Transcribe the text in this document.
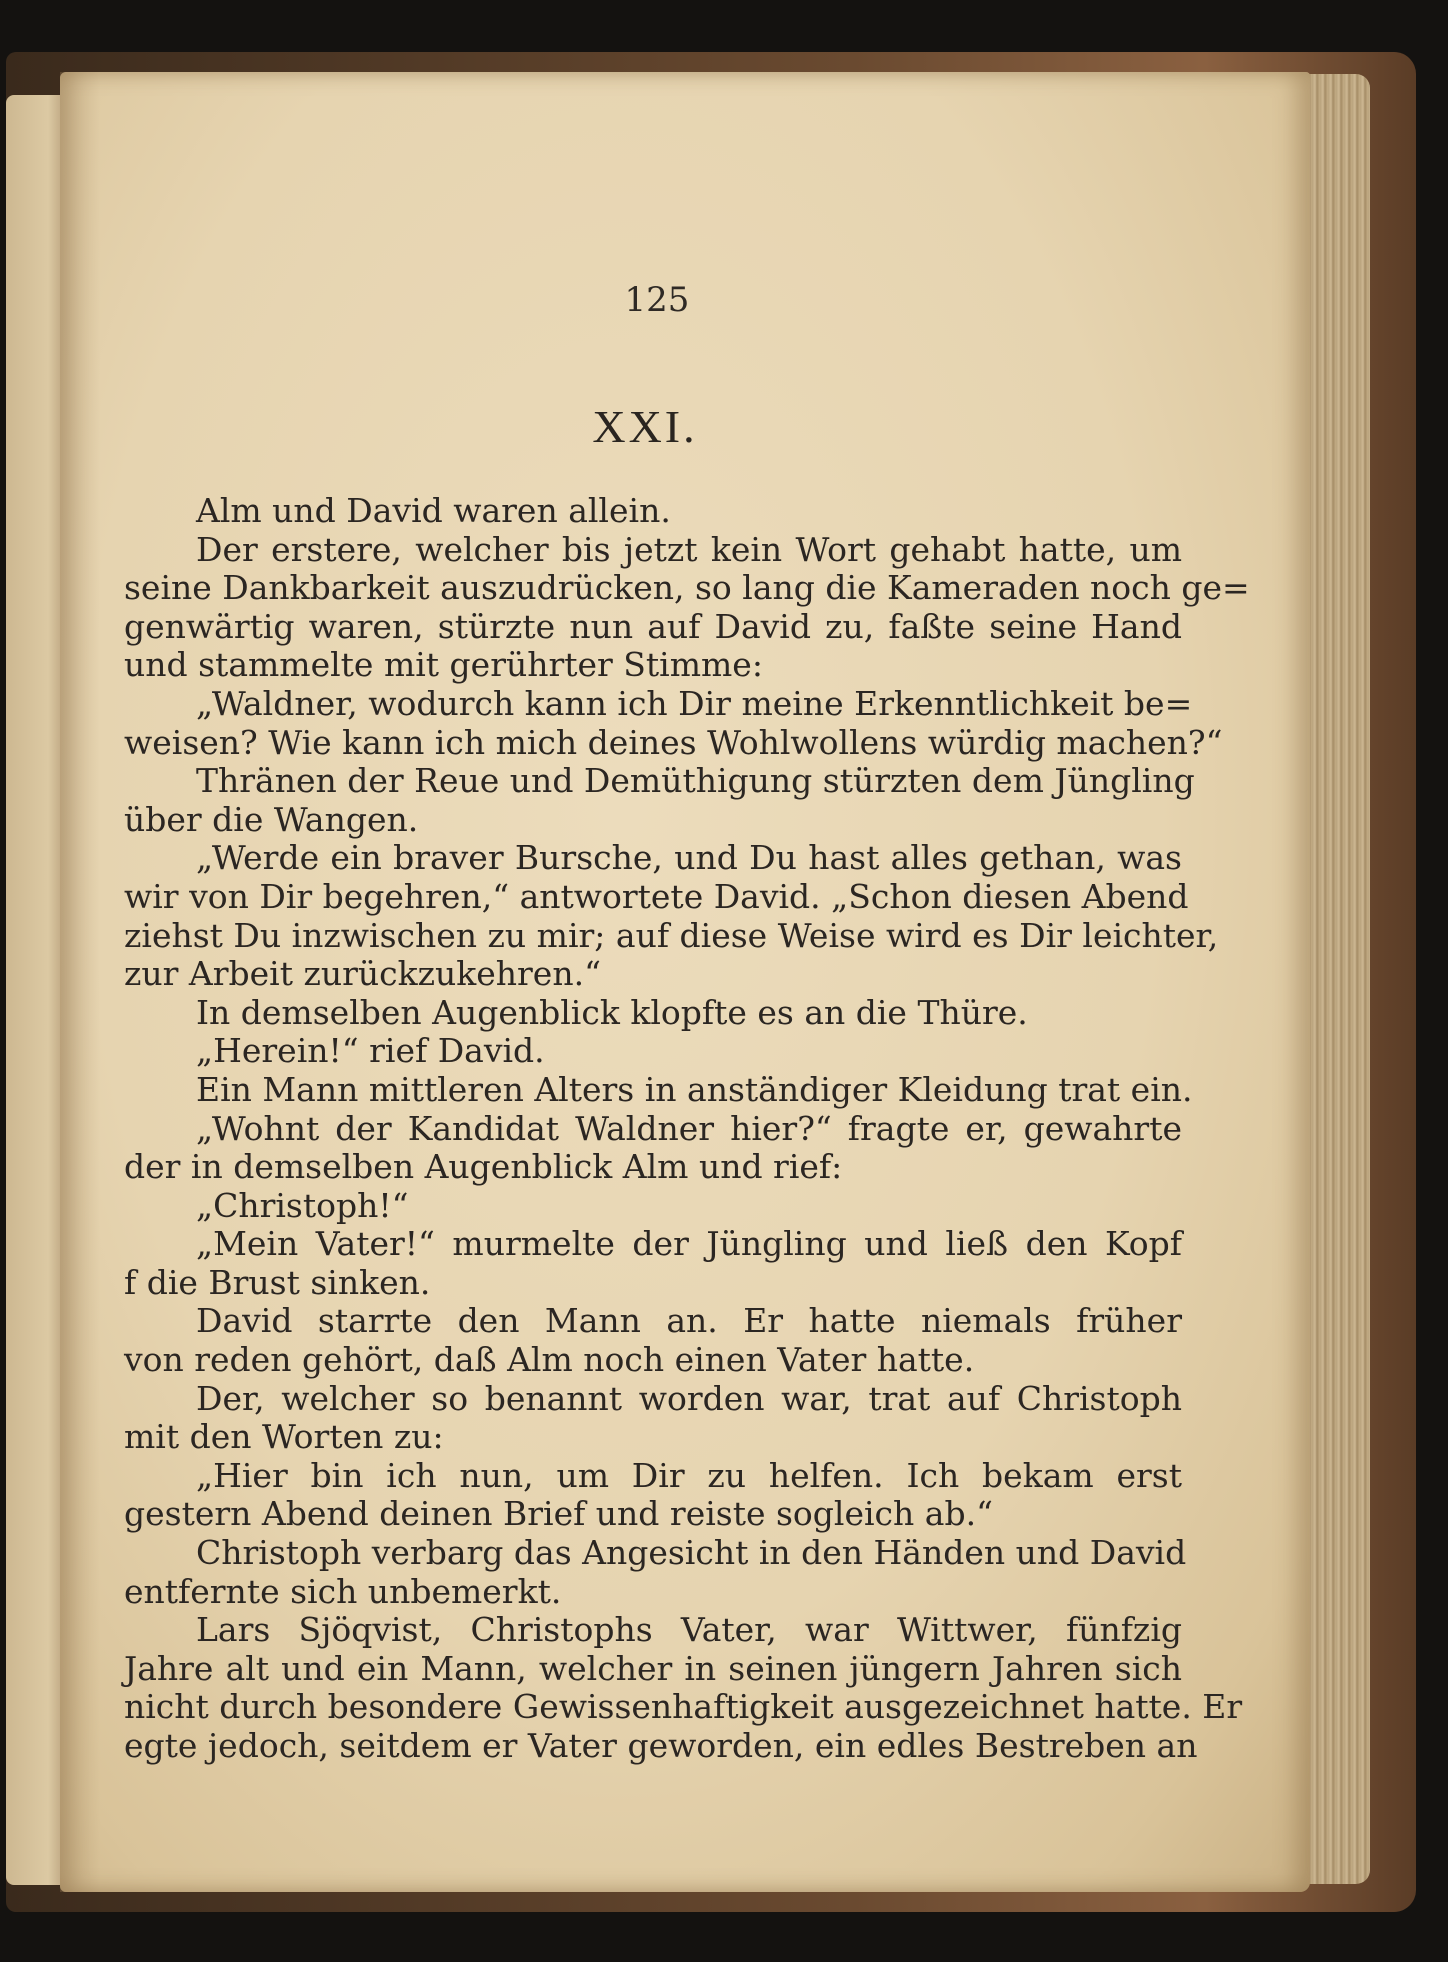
125
XXI.
Alm und David waren allein.
Der erstere, welcher bis jetzt kein Wort gehabt hatte, um
seine Dankbarkeit auszudrücken, so lang die Kameraden noch ge=
genwärtig waren, stürzte nun auf David zu, faßte seine Hand
und stammelte mit gerührter Stimme:
„Waldner, wodurch kann ich Dir meine Erkenntlichkeit be=
weisen? Wie kann ich mich deines Wohlwollens würdig machen?“
Thränen der Reue und Demüthigung stürzten dem Jüngling
über die Wangen.
„Werde ein braver Bursche, und Du hast alles gethan, was
wir von Dir begehren,“ antwortete David. „Schon diesen Abend
ziehst Du inzwischen zu mir; auf diese Weise wird es Dir leichter,
zur Arbeit zurückzukehren.“
In demselben Augenblick klopfte es an die Thüre.
„Herein!“ rief David.
Ein Mann mittleren Alters in anständiger Kleidung trat ein.
„Wohnt der Kandidat Waldner hier?“ fragte er, gewahrte
der in demselben Augenblick Alm und rief:
„Christoph!“
„Mein Vater!“ murmelte der Jüngling und ließ den Kopf
f die Brust sinken.
David starrte den Mann an. Er hatte niemals früher
von reden gehört, daß Alm noch einen Vater hatte.
Der, welcher so benannt worden war, trat auf Christoph
mit den Worten zu:
„Hier bin ich nun, um Dir zu helfen. Ich bekam erst
gestern Abend deinen Brief und reiste sogleich ab.“
Christoph verbarg das Angesicht in den Händen und David
entfernte sich unbemerkt.
Lars Sjöqvist, Christophs Vater, war Wittwer, fünfzig
Jahre alt und ein Mann, welcher in seinen jüngern Jahren sich
nicht durch besondere Gewissenhaftigkeit ausgezeichnet hatte. Er
egte jedoch, seitdem er Vater geworden, ein edles Bestreben an
